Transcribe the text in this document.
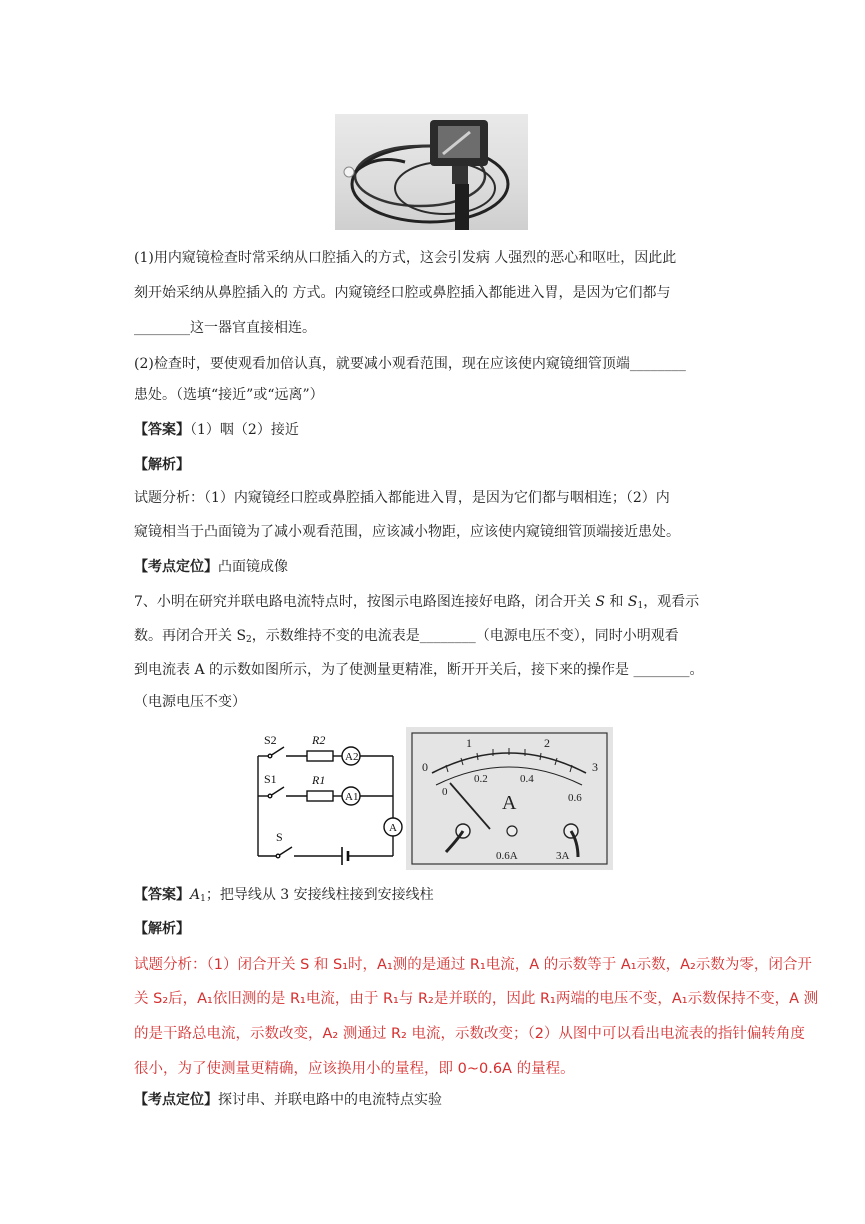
(1)用内窥镜检查时常采纳从口腔插入的方式，这会引发病 人强烈的恶心和呕吐，因此此
刻开始采纳从鼻腔插入的 方式。内窥镜经口腔或鼻腔插入都能进入胃，是因为它们都与
________这一器官直接相连。
(2)检查时，要使观看加倍认真，就要减小观看范围，现在应该使内窥镜细管顶端________
患处。（选填“接近”或“远离”）
【答案】（1）咽（2）接近
【解析】
试题分析：（1）内窥镜经口腔或鼻腔插入都能进入胃，是因为它们都与咽相连；（2）内
窥镜相当于凸面镜为了减小观看范围，应该减小物距，应该使内窥镜细管顶端接近患处。
【考点定位】凸面镜成像
7、小明在研究并联电路电流特点时，按图示电路图连接好电路，闭合开关 S 和 $S_1$，观看示
数。再闭合开关 $S_2$，示数维持不变的电流表是________（电源电压不变），同时小明观看
到电流表 A 的示数如图所示，为了使测量更精准，断开开关后，接下来的操作是 ________。
（电源电压不变）
S2	R2
A2
S1	R1
A1
S
A
0
1	2
3
0
0.2	0.4
0.6
A
0.6A	3A
【答案】$A_1$；把导线从 3 安接线柱接到安接线柱
【解析】
试题分析：（1）闭合开关 S 和 S₁时，A₁测的是通过 R₁电流，A 的示数等于 A₁示数，A₂示数为零，闭合开
关 S₂后，A₁依旧测的是 R₁电流，由于 R₁与 R₂是并联的，因此 R₁两端的电压不变，A₁示数保持不变，A 测
的是干路总电流，示数改变，A₂ 测通过 R₂ 电流，示数改变；（2）从图中可以看出电流表的指针偏转角度
很小，为了使测量更精确，应该换用小的量程，即 0~0.6A 的量程。
【考点定位】探讨串、并联电路中的电流特点实验
